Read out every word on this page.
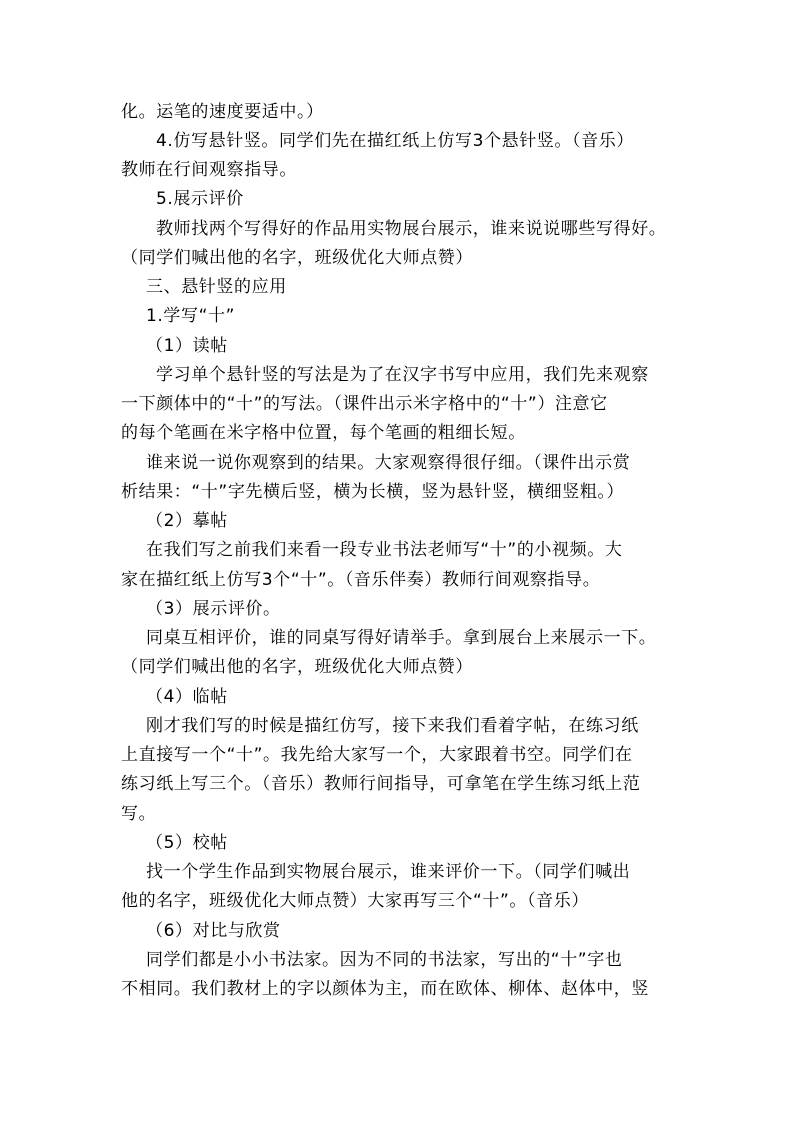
化。运笔的速度要适中。）
4.仿写悬针竖。同学们先在描红纸上仿写3个悬针竖。（音乐）
教师在行间观察指导。
5.展示评价
教师找两个写得好的作品用实物展台展示，谁来说说哪些写得好。
（同学们喊出他的名字，班级优化大师点赞）
三、悬针竖的应用
1.学写“十”
（1）读帖
学习单个悬针竖的写法是为了在汉字书写中应用，我们先来观察
一下颜体中的“十”的写法。（课件出示米字格中的“十”）注意它
的每个笔画在米字格中位置，每个笔画的粗细长短。
谁来说一说你观察到的结果。大家观察得很仔细。（课件出示赏
析结果：“十”字先横后竖，横为长横，竖为悬针竖，横细竖粗。）
（2）摹帖
在我们写之前我们来看一段专业书法老师写“十”的小视频。大
家在描红纸上仿写3个“十”。（音乐伴奏）教师行间观察指导。
（3）展示评价。
同桌互相评价，谁的同桌写得好请举手。拿到展台上来展示一下。
（同学们喊出他的名字，班级优化大师点赞）
（4）临帖
刚才我们写的时候是描红仿写，接下来我们看着字帖，在练习纸
上直接写一个“十”。我先给大家写一个，大家跟着书空。同学们在
练习纸上写三个。（音乐）教师行间指导，可拿笔在学生练习纸上范
写。
（5）校帖
找一个学生作品到实物展台展示，谁来评价一下。（同学们喊出
他的名字，班级优化大师点赞）大家再写三个“十”。（音乐）
（6）对比与欣赏
同学们都是小小书法家。因为不同的书法家，写出的“十”字也
不相同。我们教材上的字以颜体为主，而在欧体、柳体、赵体中，竖
